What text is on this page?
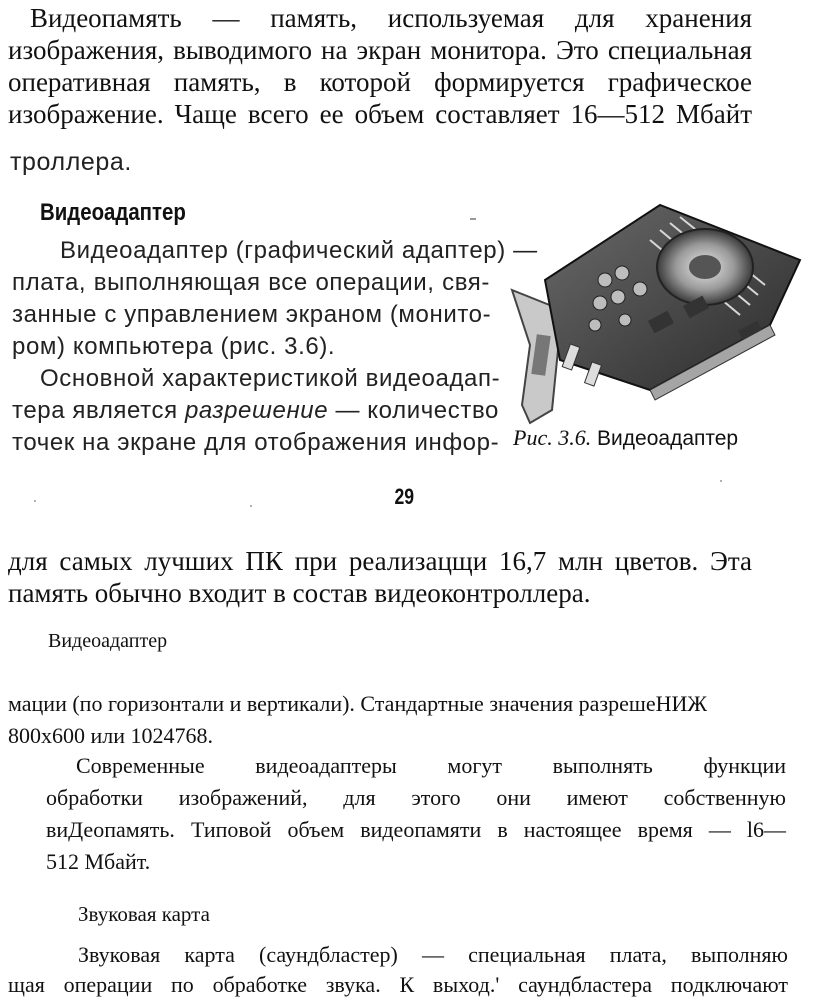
Видеопамять — память, используемая для хранения
изображения, выводимого на экран монитора. Это специальная
оперативная память, в которой формируется графическое
изображение. Чаще всего ее объем составляет 16—512 Мбайт
троллера.
Видеоадаптер
Видеоадаптер (графический адаптер) —
плата, выполняющая все операции, свя-
занные с управлением экраном (монито-
ром) компьютера (рис. 3.6).
Основной характеристикой видеоадап-
тера является разрешение — количество
точек на экране для отображения инфор- Рис. 3.6. Видеоадаптер
29
для самых лучших ПК при реализацщи 16,7 млн цветов. Эта
память обычно входит в состав видеоконтроллера.
Видеоадаптер
мации (по горизонтали и вертикали). Стандартные значения разрешеНИЖ
800x600 или 1024768.
Современные видеоадаптеры могут выполнять функции
обработки изображений, для этого они имеют собственную
виДеопамять. Типовой объем видеопамяти в настоящее время — l6—
512 Мбайт.
Звуковая карта
Звуковая карта (саундбластер) — специальная плата, выполняю
щая операции по обработке звука. К выход.' саундбластера подключают
